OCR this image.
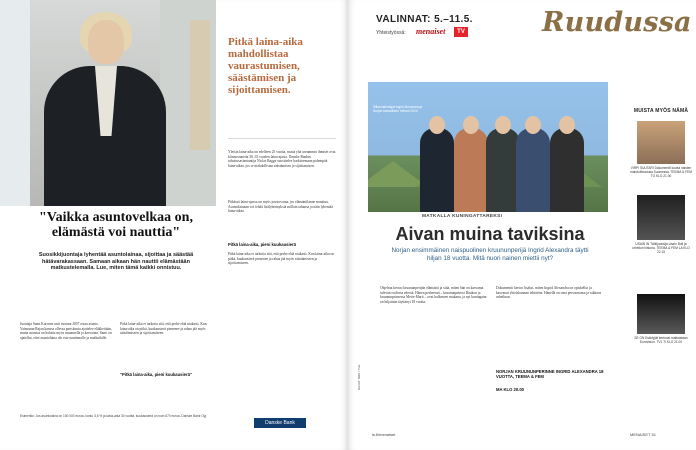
Pitkä laina-aika mahdollistaa vaurastumisen, säästämisen ja sijoittamisen.
Yleisin laina-aika on edelleen 25 vuotta, mutta yhä useammin ihmiset ovat kiinnostuneita 30–35 vuoden laina-ajasta. Danske Bankin rahoitusasiantuntija Niclas Bagge suosittelee harkitsemaan pidempää laina-aikaa, jos se mahdollistaa säästämisen ja sijoittamisen.
Pitkässä laina-ajassa on myös joustovaraa, jos elämäntilanne muuttuu. Asuntolainaan voi tehdä lisälyhennyksiä milloin tahansa ja näin lyhentää laina-aikaa.
Pitkä laina-aika, pieni kuukausierä
Pitkä laina-aika ei tarkoita sitä, että perhe elää niukasti. Kun laina-aika on pitkä, kuukausierä pienenee ja rahaa jää myös säästämiseen ja sijoittamiseen.
"Vaikka asuntovelkaa on, elämästä voi nauttia"
Suosikkijuontaja lyhentää asuntolainaa, sijoittaa ja säästää hätävarakassaan. Samaan aikaan hän nauttii elämästään matkustelemalla. Lue, miten tämä kaikki onnistuu.
Juontaja Sami Kurosen unit vuonna 2007 ostaa asunto. Vaimoaan Rajan kanssa ollessa pariskunta ajattelee eläkkeitään, mutta asuntoa on haluttu myös muunnella ja kasvattaa. Sami on ajatellut, ettei asuntolaina ole este nautinnolle ja matkailulle.
Pitkä laina-aika ei tarkoita sitä, että perhe elää niukasti. Kun laina-aika on pitkä, kuukausierä pienenee ja rahaa jää myös säästämiseen ja sijoittamiseen.
"Pitkä laina-aika, pieni kuukausierä"
Esimerkki: Jos asuntolaina on 150 000 euroa, korko 3,5 % ja laina-aika 30 vuotta, kuukausierä on noin 670 euroa. Danske Bank Oyj.
Danske Bank
VALINNAT: 5.–11.5.
Yhteistyössä: menaiset	TV	Ruudussa
Sillanrakentajat Ingrid Alexandra ja Norjan kansallisen heimot 2024.
MATKALLA KUNINGATTAREKSI
Aivan muina taviksina
Norjan ensimmäinen naispuolinen kruununperijä Ingrid Alexandra täytti hiljan 18 vuotta. Mitä nuori nainen miettii nyt?
Ohjelma kertoo kruununperijän elämästä ja siitä, miten hän on kasvanut tulevan roolinsa edessä. Hänen perheensä – kruununprinssi Haakon ja kruununprinsessa Mette-Marit – ovat kulkeneet mukana, ja nyt kuningatar on hiljattain täyttänyt 18 vuotta.
Dokumentti kertoo lisäksi, miten Ingrid Alexandra on opiskellut ja kasvanut yhteiskunnan tehtäviin. Hänellä on oma persoonansa ja rakkaus urheiluun.
NORJAN KRUUNUNPERINNE INGRID ALEXANDRA 18 VUOTTA, TEEMA & FEM
MA KLO 20.00
MUISTA MYÖS NÄMÄ
VIRPI SUUTARI Dokumentti kuvaa naisten mahdollisuuksia Suomessa. TEEMA & FEM TO KLO 21.00
USAIN IN Tähtijuoksija Usain Bolt ja urheilun historia. TEEMA & FEM LA KLO 22.15
SE ON Esiintyjät kertovat matkastaan Eurovision. TV1 TI KLO 21.00
is.fi/menaiset	MENAISET 51
KUVAT: NRK / YLE
